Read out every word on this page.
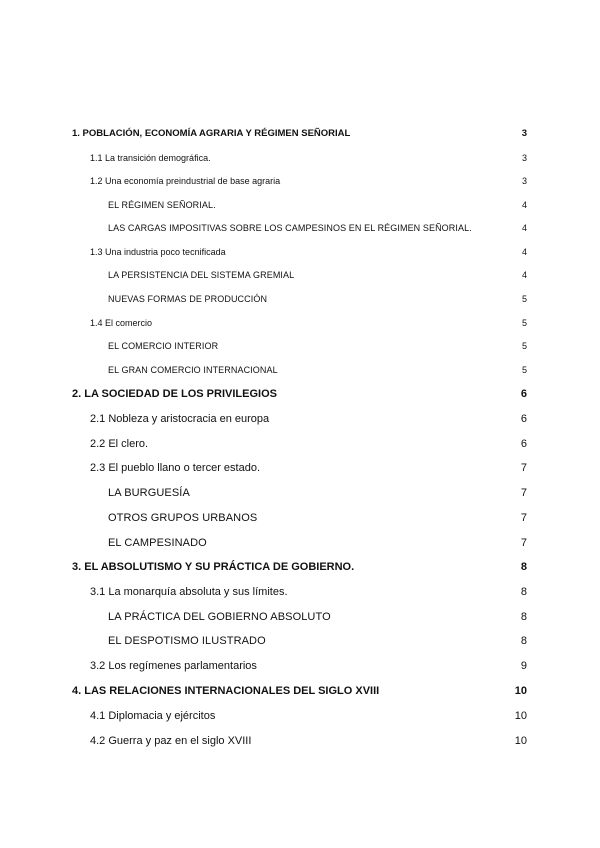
1. POBLACIÓN, ECONOMÍA AGRARIA Y RÉGIMEN SEÑORIAL	3
1.1 La transición demográfica.	3
1.2 Una economía preindustrial de base agraria	3
EL RÉGIMEN SEÑORIAL.	4
LAS CARGAS IMPOSITIVAS SOBRE LOS CAMPESINOS EN EL RÉGIMEN SEÑORIAL.	4
1.3 Una industria poco tecnificada	4
LA PERSISTENCIA DEL SISTEMA GREMIAL	4
NUEVAS FORMAS DE PRODUCCIÓN	5
1.4 El comercio	5
EL COMERCIO INTERIOR	5
EL GRAN COMERCIO INTERNACIONAL	5
2. LA SOCIEDAD DE LOS PRIVILEGIOS	6
2.1 Nobleza y aristocracia en europa	6
2.2 El clero.	6
2.3 El pueblo llano o tercer estado.	7
LA BURGUESÍA	7
OTROS GRUPOS URBANOS	7
EL CAMPESINADO	7
3. EL ABSOLUTISMO Y SU PRÁCTICA DE GOBIERNO.	8
3.1 La monarquía absoluta y sus límites.	8
LA PRÁCTICA DEL GOBIERNO ABSOLUTO	8
EL DESPOTISMO ILUSTRADO	8
3.2 Los regímenes parlamentarios	9
4. LAS RELACIONES INTERNACIONALES DEL SIGLO XVIII	10
4.1 Diplomacia y ejércitos	10
4.2 Guerra y paz en el siglo XVIII	10
